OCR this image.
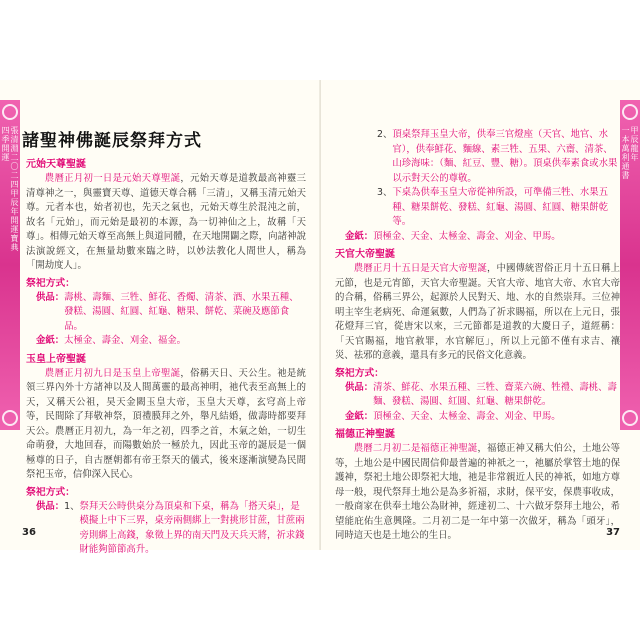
張清淵二〇二四甲辰年開運寶典
四季開運 諸聖神佛誕辰祭拜方式
元始天尊聖誕

農曆正月初一日是元始天尊聖誕，元始天尊是道教最高神靈三清尊神之一，與靈寶天尊、道德天尊合稱「三清」，又稱玉清元始天尊。元者本也，始者初也，先天之氣也，元始天尊生於混沌之前，故名「元始」，而元始是最初的本源，為一切神仙之上，故稱「天尊」。相傳元始天尊至高無上與道同體，在天地開闢之際，向諸神說法演說經文，在無量劫數來臨之時，以妙法教化人間世人，稱為「開劫度人」。

祭祀方式：
供品： 壽桃、壽麵、三牲、鮮花、香燭、清茶、酒、水果五種、發糕、湯圓、紅圓、紅龜、糖果、餅乾、菜碗及應節食品。
金紙： 太極金、壽金、刈金、福金。
玉皇上帝聖誕

農曆正月初九日是玉皇上帝聖誕，俗稱天日、天公生。祂是統領三界內外十方諸神以及人間萬靈的最高神明，祂代表至高無上的天，又稱天公祖，昊天金闕玉皇大帝，玉皇大天尊，玄穹高上帝等，民間除了拜敬神祭，頂禮膜拜之外，舉凡結婚，做壽時都要拜天公。農曆正月初九，為一年之初，四季之首，木氣之始，一切生命萌發，大地回春，而陽數始於一極於九，因此玉帝的誕辰是一個極尊的日子，自古歷朝都有帝王祭天的儀式，後來逐漸演變為民間祭祀玉帝，信仰深入民心。

祭祀方式：
供品： 1、 祭拜天公時供桌分為頂桌和下桌，稱為「搭天桌」，是模擬上中下三界，桌旁兩側綁上一對挑形甘蔗，甘蔗兩旁則綁上高錢，象徵上界的南天門及天兵天將，祈求錢財能夠節節高升。
36
甲辰龍年
一本萬利通書
2、 頂桌祭拜玉皇大帝，供奉三官燈座（天官、地官、水官），供奉鮮花、麵線、素三牲、五果、六齋、清茶、山珍海味：（麵、紅豆、豐、糖）。頂桌供奉素食或水果以示對天公的尊敬。
3、 下桌為供奉玉皇大帝從神所設，可準備三牲、水果五種、糖果餅乾、發糕、紅龜、湯圓、紅圓、糖果餅乾等。
金紙： 頂極金、天金、太極金、壽金、刈金、甲馬。
天官大帝聖誕

農曆正月十五日是天官大帝聖誕，中國傳統習俗正月十五日稱上元節，也是元宵節，天官大帝聖誕。天官大帝、地官大帝、水官大帝的合稱，俗稱三界公，起源於人民對天、地、水的自然崇拜。三位神明主宰生老病死、命運氣數，人們為了祈求賜福，所以在上元日，張花燈拜三官，從唐宋以來，三元節都是道教的大慶日子，道經稱：「天官賜福，地官赦罪，水官解厄」，所以上元節不僅有求吉、禳災、祛邪的意義，還具有多元的民俗文化意義。

祭祀方式：
供品： 清茶、鮮花、水果五種、三牲、齋菜六碗、牲禮、壽桃、壽麵、發糕、湯圓、紅圓、紅龜、糖果餅乾。
金紙： 頂極金、天金、太極金、壽金、刈金、甲馬。
福德正神聖誕

農曆二月初二是福德正神聖誕，福德正神又稱大伯公，土地公等等，土地公是中國民間信仰最普遍的神祇之一，祂屬於掌管土地的保護神，祭祀土地公即祭祀大地，祂是非常親近人民的神祇，如地方尊母一般，現代祭拜土地公是為多祈福，求財，保平安，保農事收成，一般商家在供奉土地公為財神，經達初二、十六做牙祭拜土地公，希望能庇佑生意興隆。二月初二是一年中第一次做牙，稱為「頭牙」，同時這天也是土地公的生日。	37
